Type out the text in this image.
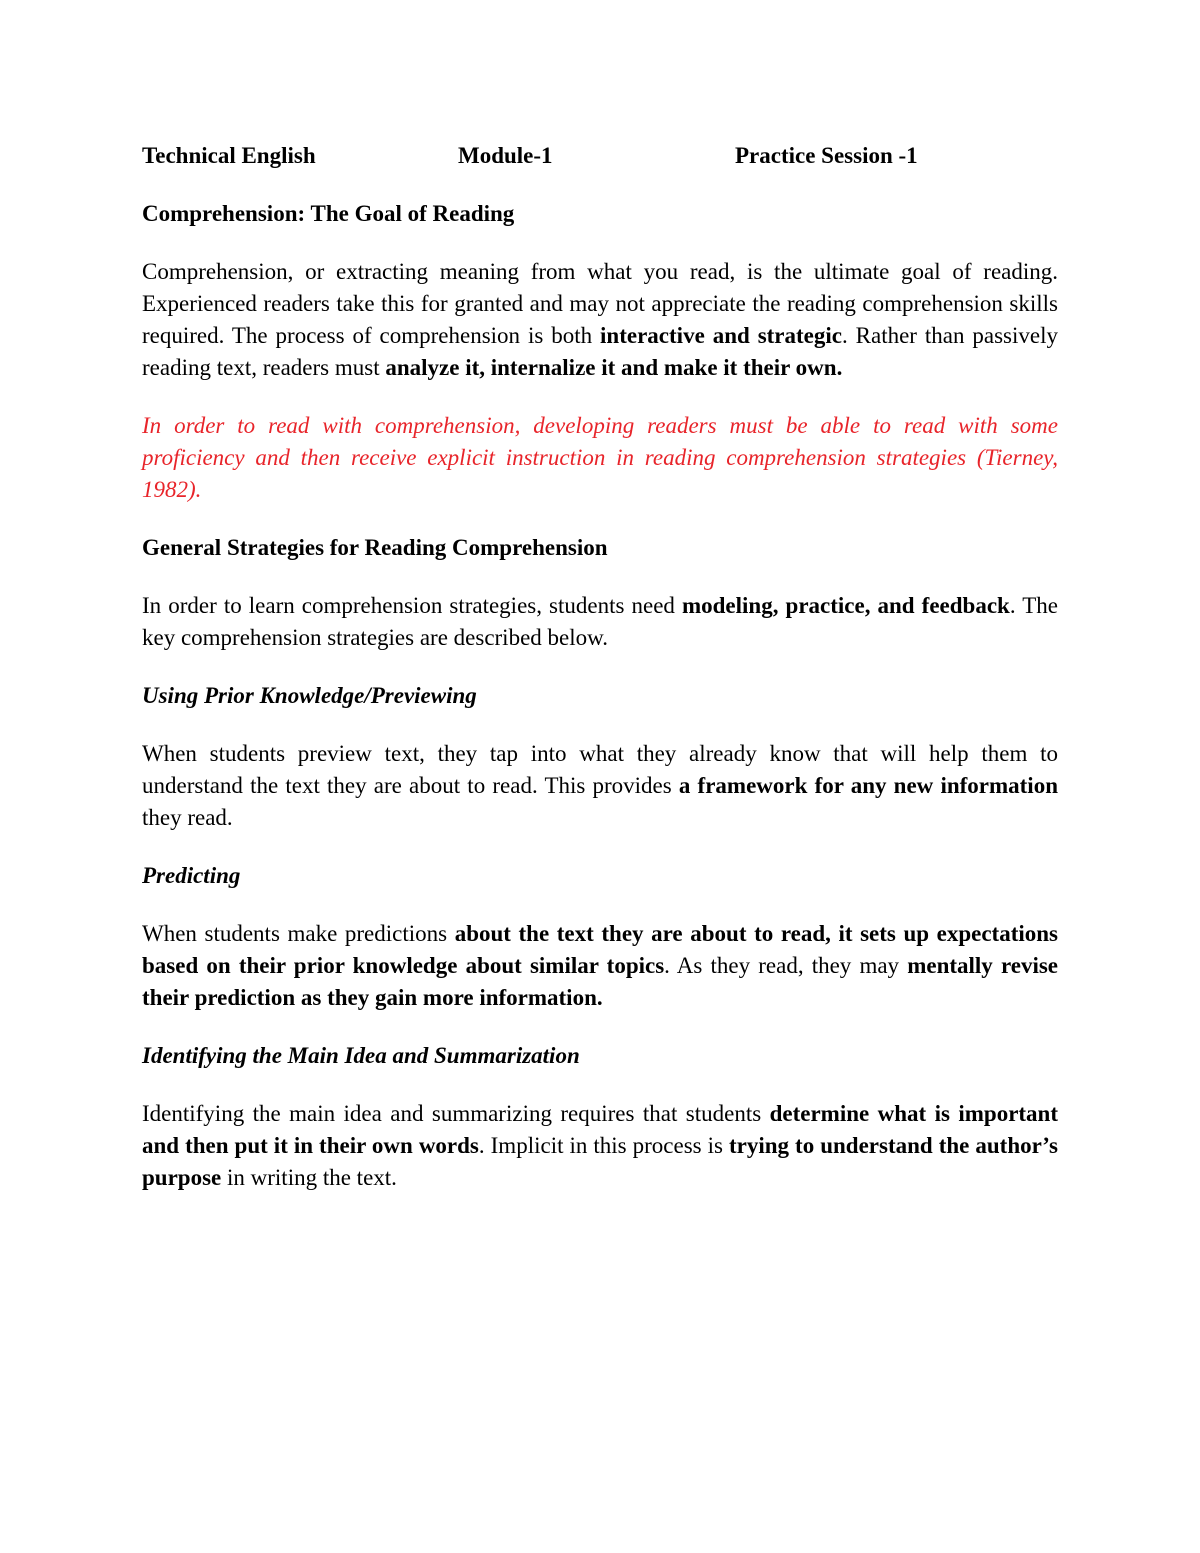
Technical English	Module-1	Practice Session -1
Comprehension: The Goal of Reading

Comprehension, or extracting meaning from what you read, is the ultimate goal of reading. Experienced readers take this for granted and may not appreciate the reading comprehension skills required. The process of comprehension is both interactive and strategic. Rather than passively reading text, readers must analyze it, internalize it and make it their own.

In order to read with comprehension, developing readers must be able to read with some proficiency and then receive explicit instruction in reading comprehension strategies (Tierney, 1982).

General Strategies for Reading Comprehension

In order to learn comprehension strategies, students need modeling, practice, and feedback. The key comprehension strategies are described below.

Using Prior Knowledge/Previewing

When students preview text, they tap into what they already know that will help them to understand the text they are about to read. This provides a framework for any new information they read.

Predicting

When students make predictions about the text they are about to read, it sets up expectations based on their prior knowledge about similar topics. As they read, they may mentally revise their prediction as they gain more information.

Identifying the Main Idea and Summarization

Identifying the main idea and summarizing requires that students determine what is important and then put it in their own words. Implicit in this process is trying to understand the author’s purpose in writing the text.
